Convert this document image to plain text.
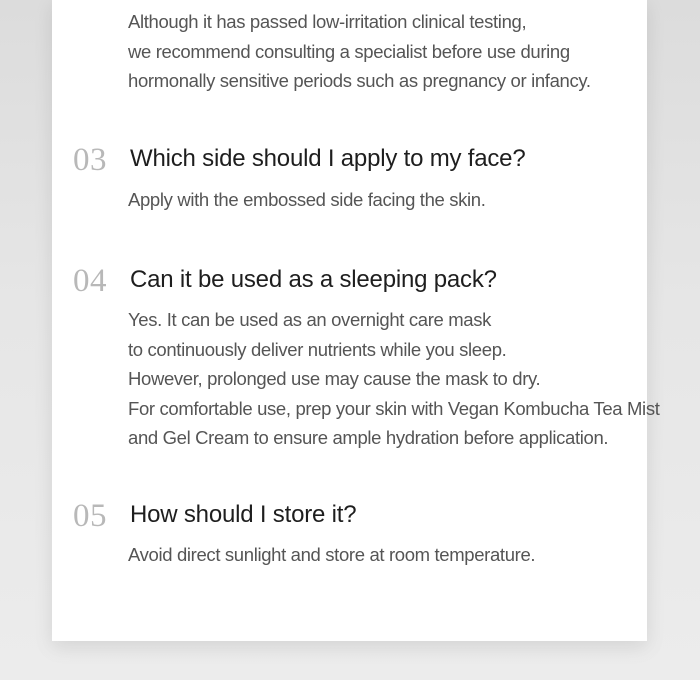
Although it has passed low-irritation clinical testing,
we recommend consulting a specialist before use during
hormonally sensitive periods such as pregnancy or infancy.

03 Which side should I apply to my face?

Apply with the embossed side facing the skin.

04 Can it be used as a sleeping pack?

Yes. It can be used as an overnight care mask
to continuously deliver nutrients while you sleep.
However, prolonged use may cause the mask to dry.
For comfortable use, prep your skin with Vegan Kombucha Tea Mist
and Gel Cream to ensure ample hydration before application.

05 How should I store it?

Avoid direct sunlight and store at room temperature.
